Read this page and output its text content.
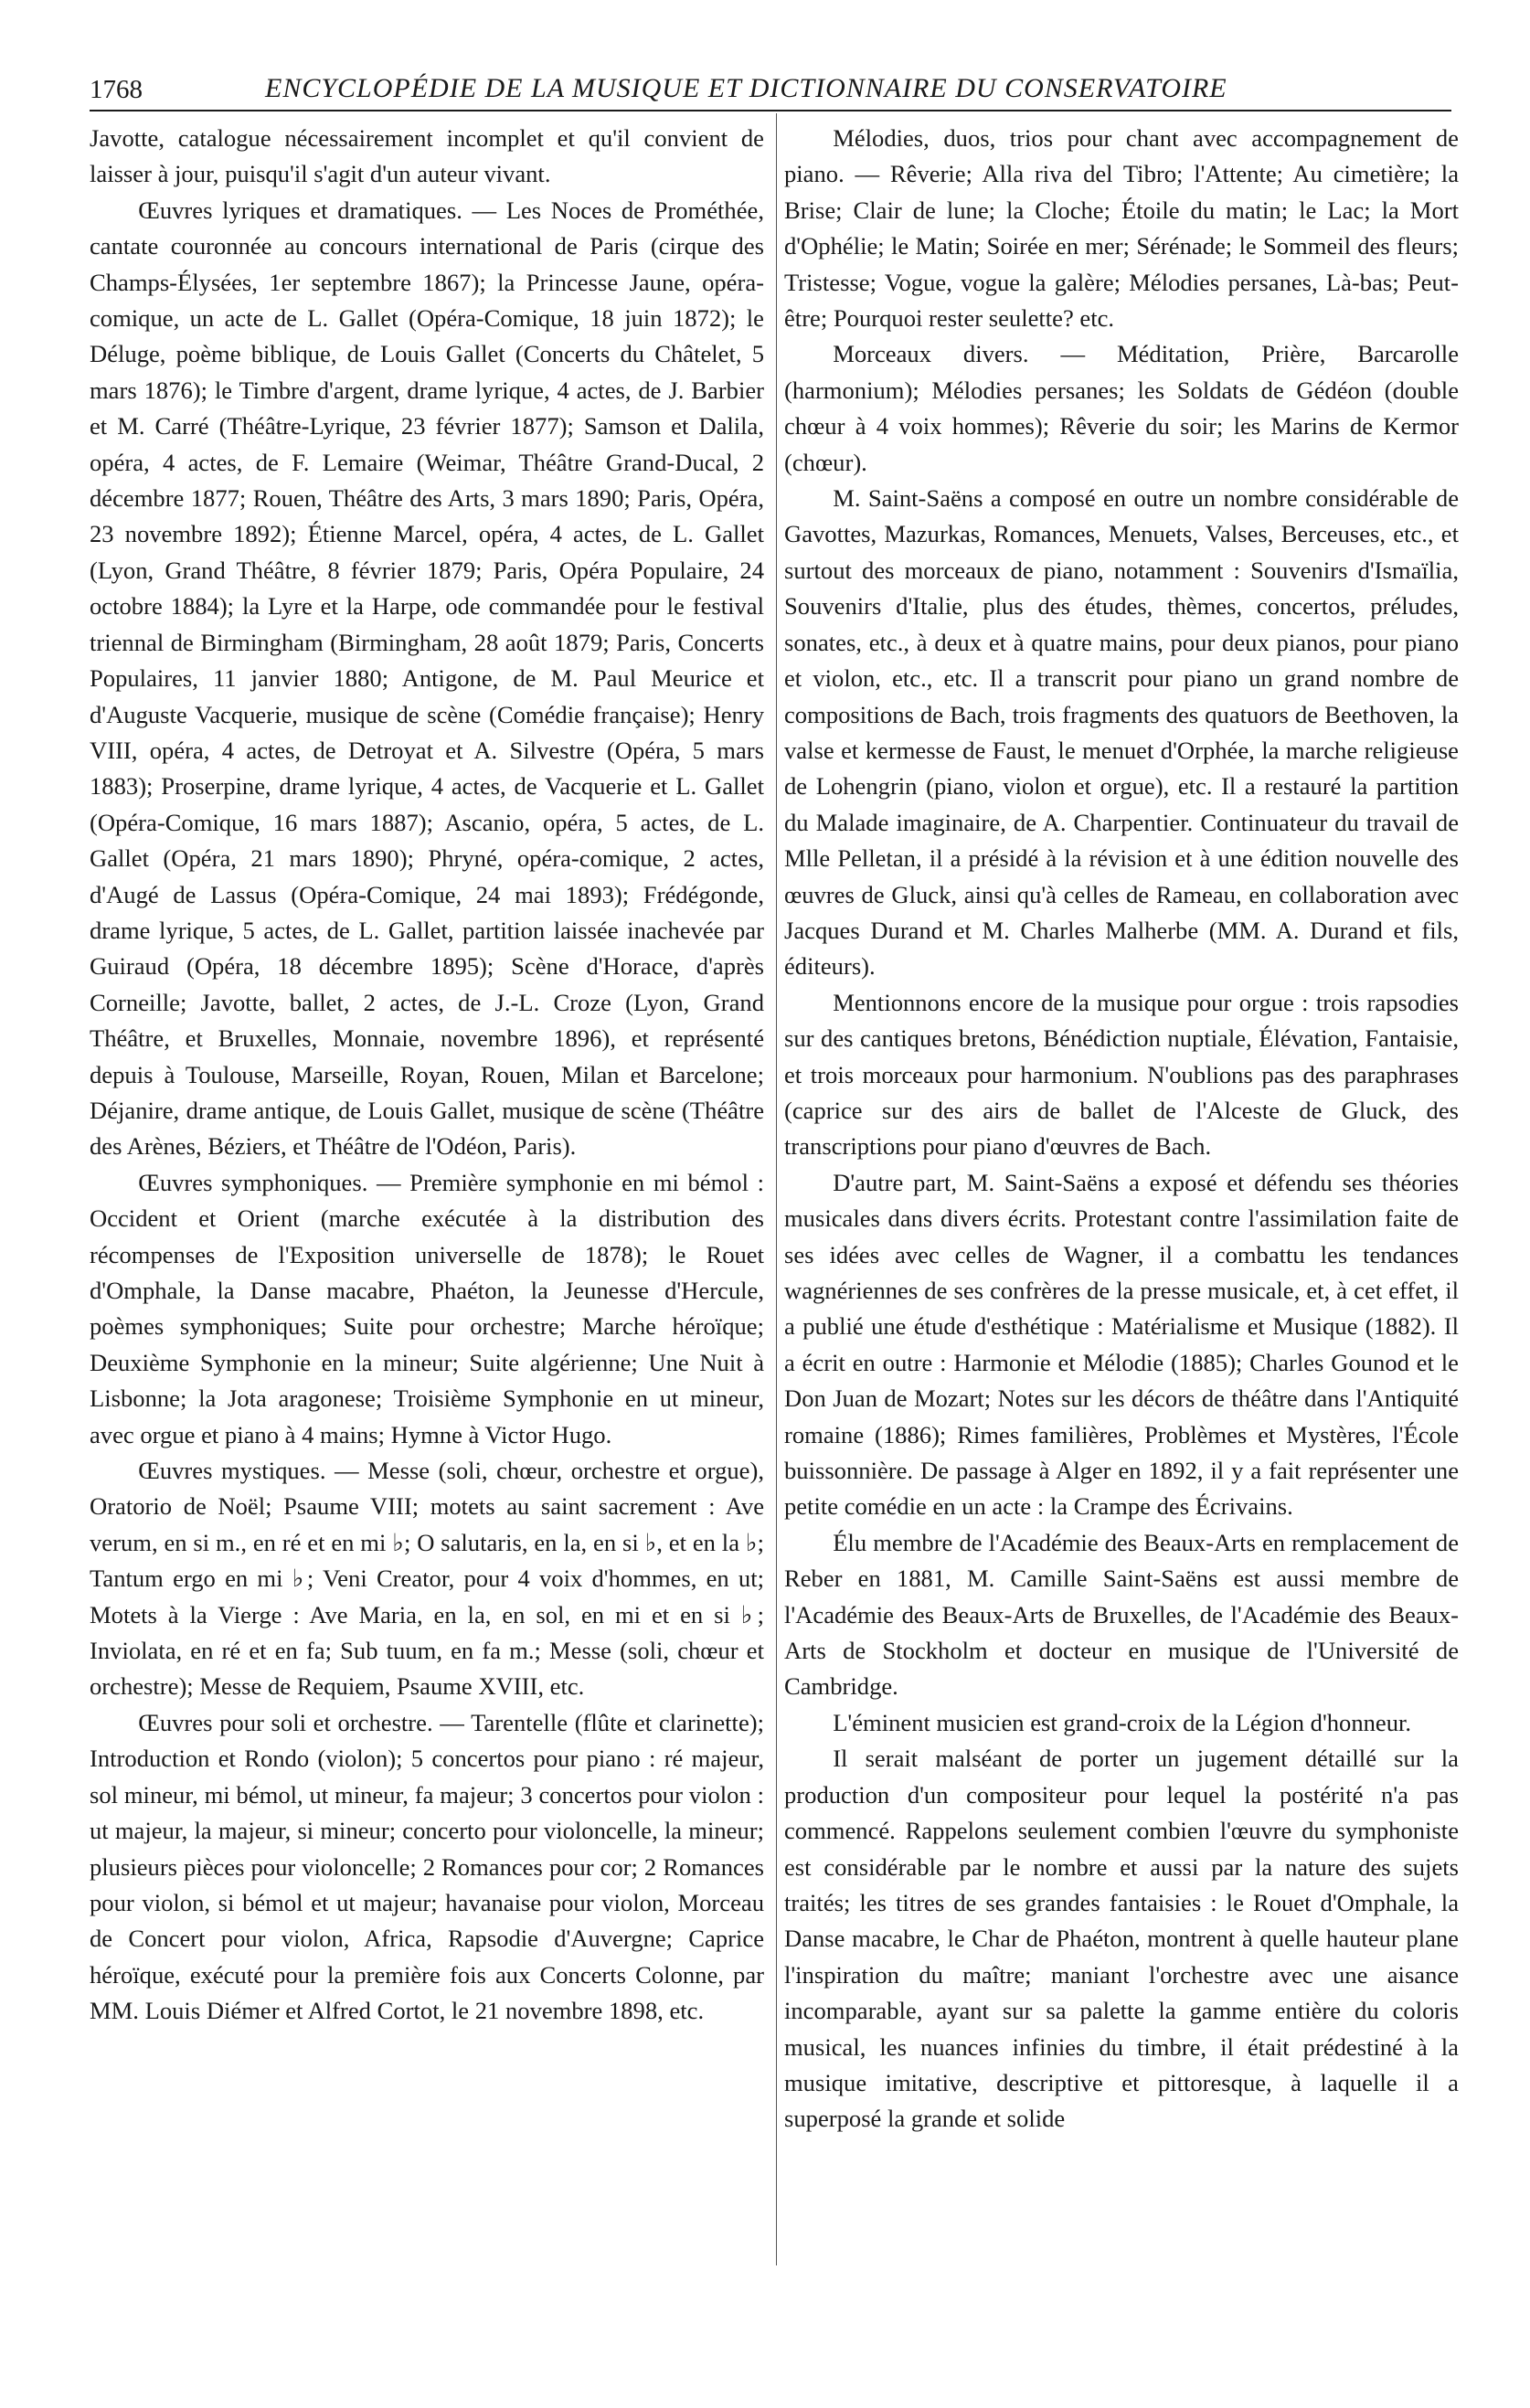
1768	ENCYCLOPÉDIE DE LA MUSIQUE ET DICTIONNAIRE DU CONSERVATOIRE

Javotte, catalogue nécessairement incomplet et qu'il convient de laisser à jour, puisqu'il s'agit d'un auteur vivant.

Œuvres lyriques et dramatiques. — Les Noces de Prométhée, cantate couronnée au concours international de Paris (cirque des Champs-Élysées, 1er septembre 1867); la Princesse Jaune, opéra-comique, un acte de L. Gallet (Opéra-Comique, 18 juin 1872); le Déluge, poème biblique, de Louis Gallet (Concerts du Châtelet, 5 mars 1876); le Timbre d'argent, drame lyrique, 4 actes, de J. Barbier et M. Carré (Théâtre-Lyrique, 23 février 1877); Samson et Dalila, opéra, 4 actes, de F. Lemaire (Weimar, Théâtre Grand-Ducal, 2 décembre 1877; Rouen, Théâtre des Arts, 3 mars 1890; Paris, Opéra, 23 novembre 1892); Étienne Marcel, opéra, 4 actes, de L. Gallet (Lyon, Grand Théâtre, 8 février 1879; Paris, Opéra Populaire, 24 octobre 1884); la Lyre et la Harpe, ode commandée pour le festival triennal de Birmingham (Birmingham, 28 août 1879; Paris, Concerts Populaires, 11 janvier 1880; Antigone, de M. Paul Meurice et d'Auguste Vacquerie, musique de scène (Comédie française); Henry VIII, opéra, 4 actes, de Detroyat et A. Silvestre (Opéra, 5 mars 1883); Proserpine, drame lyrique, 4 actes, de Vacquerie et L. Gallet (Opéra-Comique, 16 mars 1887); Ascanio, opéra, 5 actes, de L. Gallet (Opéra, 21 mars 1890); Phryné, opéra-comique, 2 actes, d'Augé de Lassus (Opéra-Comique, 24 mai 1893); Frédégonde, drame lyrique, 5 actes, de L. Gallet, partition laissée inachevée par Guiraud (Opéra, 18 décembre 1895); Scène d'Horace, d'après Corneille; Javotte, ballet, 2 actes, de J.-L. Croze (Lyon, Grand Théâtre, et Bruxelles, Monnaie, novembre 1896), et représenté depuis à Toulouse, Marseille, Royan, Rouen, Milan et Barcelone; Déjanire, drame antique, de Louis Gallet, musique de scène (Théâtre des Arènes, Béziers, et Théâtre de l'Odéon, Paris).

Œuvres symphoniques. — Première symphonie en mi bémol : Occident et Orient (marche exécutée à la distribution des récompenses de l'Exposition universelle de 1878); le Rouet d'Omphale, la Danse macabre, Phaéton, la Jeunesse d'Hercule, poèmes symphoniques; Suite pour orchestre; Marche héroïque; Deuxième Symphonie en la mineur; Suite algérienne; Une Nuit à Lisbonne; la Jota aragonese; Troisième Symphonie en ut mineur, avec orgue et piano à 4 mains; Hymne à Victor Hugo.

Œuvres mystiques. — Messe (soli, chœur, orchestre et orgue), Oratorio de Noël; Psaume VIII; motets au saint sacrement : Ave verum, en si m., en ré et en mi ♭; O salutaris, en la, en si ♭, et en la ♭; Tantum ergo en mi ♭; Veni Creator, pour 4 voix d'hommes, en ut; Motets à la Vierge : Ave Maria, en la, en sol, en mi et en si ♭; Inviolata, en ré et en fa; Sub tuum, en fa m.; Messe (soli, chœur et orchestre); Messe de Requiem, Psaume XVIII, etc.

Œuvres pour soli et orchestre. — Tarentelle (flûte et clarinette); Introduction et Rondo (violon); 5 concertos pour piano : ré majeur, sol mineur, mi bémol, ut mineur, fa majeur; 3 concertos pour violon : ut majeur, la majeur, si mineur; concerto pour violoncelle, la mineur; plusieurs pièces pour violoncelle; 2 Romances pour cor; 2 Romances pour violon, si bémol et ut majeur; havanaise pour violon, Morceau de Concert pour violon, Africa, Rapsodie d'Auvergne; Caprice héroïque, exécuté pour la première fois aux Concerts Colonne, par MM. Louis Diémer et Alfred Cortot, le 21 novembre 1898, etc.

Mélodies, duos, trios pour chant avec accompagnement de piano. — Rêverie; Alla riva del Tibro; l'Attente; Au cimetière; la Brise; Clair de lune; la Cloche; Étoile du matin; le Lac; la Mort d'Ophélie; le Matin; Soirée en mer; Sérénade; le Sommeil des fleurs; Tristesse; Vogue, vogue la galère; Mélodies persanes, Là-bas; Peut-être; Pourquoi rester seulette? etc.

Morceaux divers. — Méditation, Prière, Barcarolle (harmonium); Mélodies persanes; les Soldats de Gédéon (double chœur à 4 voix hommes); Rêverie du soir; les Marins de Kermor (chœur).

M. Saint-Saëns a composé en outre un nombre considérable de Gavottes, Mazurkas, Romances, Menuets, Valses, Berceuses, etc., et surtout des morceaux de piano, notamment : Souvenirs d'Ismaïlia, Souvenirs d'Italie, plus des études, thèmes, concertos, préludes, sonates, etc., à deux et à quatre mains, pour deux pianos, pour piano et violon, etc., etc. Il a transcrit pour piano un grand nombre de compositions de Bach, trois fragments des quatuors de Beethoven, la valse et kermesse de Faust, le menuet d'Orphée, la marche religieuse de Lohengrin (piano, violon et orgue), etc. Il a restauré la partition du Malade imaginaire, de A. Charpentier. Continuateur du travail de Mlle Pelletan, il a présidé à la révision et à une édition nouvelle des œuvres de Gluck, ainsi qu'à celles de Rameau, en collaboration avec Jacques Durand et M. Charles Malherbe (MM. A. Durand et fils, éditeurs).

Mentionnons encore de la musique pour orgue : trois rapsodies sur des cantiques bretons, Bénédiction nuptiale, Élévation, Fantaisie, et trois morceaux pour harmonium. N'oublions pas des paraphrases (caprice sur des airs de ballet de l'Alceste de Gluck, des transcriptions pour piano d'œuvres de Bach.

D'autre part, M. Saint-Saëns a exposé et défendu ses théories musicales dans divers écrits. Protestant contre l'assimilation faite de ses idées avec celles de Wagner, il a combattu les tendances wagnériennes de ses confrères de la presse musicale, et, à cet effet, il a publié une étude d'esthétique : Matérialisme et Musique (1882). Il a écrit en outre : Harmonie et Mélodie (1885); Charles Gounod et le Don Juan de Mozart; Notes sur les décors de théâtre dans l'Antiquité romaine (1886); Rimes familières, Problèmes et Mystères, l'École buissonnière. De passage à Alger en 1892, il y a fait représenter une petite comédie en un acte : la Crampe des Écrivains.

Élu membre de l'Académie des Beaux-Arts en remplacement de Reber en 1881, M. Camille Saint-Saëns est aussi membre de l'Académie des Beaux-Arts de Bruxelles, de l'Académie des Beaux-Arts de Stockholm et docteur en musique de l'Université de Cambridge.

L'éminent musicien est grand-croix de la Légion d'honneur.

Il serait malséant de porter un jugement détaillé sur la production d'un compositeur pour lequel la postérité n'a pas commencé. Rappelons seulement combien l'œuvre du symphoniste est considérable par le nombre et aussi par la nature des sujets traités; les titres de ses grandes fantaisies : le Rouet d'Omphale, la Danse macabre, le Char de Phaéton, montrent à quelle hauteur plane l'inspiration du maître; maniant l'orchestre avec une aisance incomparable, ayant sur sa palette la gamme entière du coloris musical, les nuances infinies du timbre, il était prédestiné à la musique imitative, descriptive et pittoresque, à laquelle il a superposé la grande et solide
